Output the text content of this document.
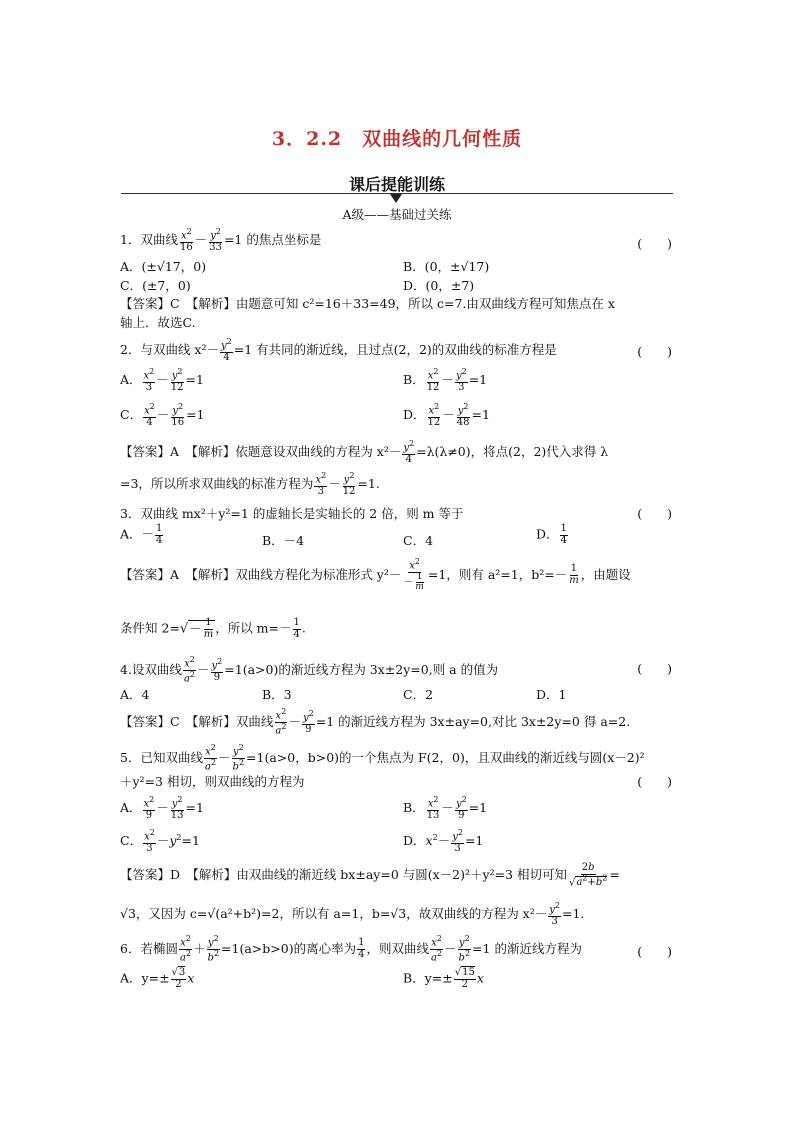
3．2.2　双曲线的几何性质
课后提能训练
A级——基础过关练
1．双曲线 $\frac{x^2}{16} - \frac{y^2}{33} =1$ 的焦点坐标是	(　　)
A．(±√17，0)	B．(0，±√17)
C．(±7，0)	D．(0，±7)
【答案】C　 【解析】由题意可知 c²=16＋33=49，所以 c=7.由双曲线方程可知焦点在 x
轴上．故选C.
2．与双曲线 $x^2- \frac{y^2}{4} =1$ 有共同的渐近线，且过点(2，2)的双曲线的标准方程是	(　　)
A． $\frac{x^2}{3} - \frac{y^2}{12} =1$	B． $\frac{x^2}{12} - \frac{y^2}{3} =1$
C． $\frac{x^2}{4} - \frac{y^2}{16} =1$	D． $\frac{x^2}{12} - \frac{y^2}{48} =1$
【答案】A　 【解析】依题意设双曲线的方程为 $x^2- \frac{y^2}{4} =\lambda(\lambda\ne 0)$，将点(2，2)代入求得 λ
=3，所以所求双曲线的标准方程为 $\frac{x^2}{3} - \frac{y^2}{12} =1$.
3．双曲线 mx²＋y²=1 的虚轴长是实轴长的 2 倍，则 m 等于	(　　)
A．－ $\frac{1}{4}$	B．－4	C．4	D． $\frac{1}{4}$
【答案】A　 【解析】双曲线方程化为标准形式 $y^2- \frac{x^2}{- \frac{1}{m}} =1$，则有 a²=1，$b^2=- \frac{1}{m}$ ，由题设
条件知 $2=√- \frac{1}{m}$ ，所以 $m=- \frac{1}{4}$ .
4.设双曲线 $\frac{x^2}{a^2} - \frac{y^2}{9} =1(a>0)$的渐近线方程为 3x±2y=0,则 a 的值为	(　　)
A．4	B．3	C．2	D．1
【答案】C　 【解析】双曲线 $\frac{x^2}{a^2} - \frac{y^2}{9} =1$ 的渐近线方程为 3x±ay=0,对比 3x±2y=0 得 a=2.
5．已知双曲线 $\frac{x^2}{a^2} - \frac{y^2}{b^2} =1(a>0$，b>0)的一个焦点为 F(2，0)，且双曲线的渐近线与圆(x－2)²
＋y²=3 相切，则双曲线的方程为	(　　)
A． $\frac{x^2}{9} - \frac{y^2}{13} =1$	B． $\frac{x^2}{13} - \frac{y^2}{9} =1$
C． $\frac{x^2}{3} -y^2=1$	D．$x^2- \frac{y^2}{3} =1$
【答案】D　 【解析】由双曲线的渐近线 bx±ay=0 与圆(x－2)²＋y²=3 相切可知 $\frac{2b}{√a^2+b^2}$ =
√3，又因为 c=√(a²+b²)=2，所以有 a=1，b=√3，故双曲线的方程为 $x^2- \frac{y^2}{3} =1$.
6．若椭圆 $\frac{x^2}{a^2} + \frac{y^2}{b^2} =1(a>b>0)$的离心率为 $\frac{1}{4}$ ，则双曲线 $\frac{x^2}{a^2} - \frac{y^2}{b^2} =1$ 的渐近线方程为	(　　)
A．$y=\pm \frac{√3}{2}$ x	B．$y=\pm \frac{√15}{2}$ x
